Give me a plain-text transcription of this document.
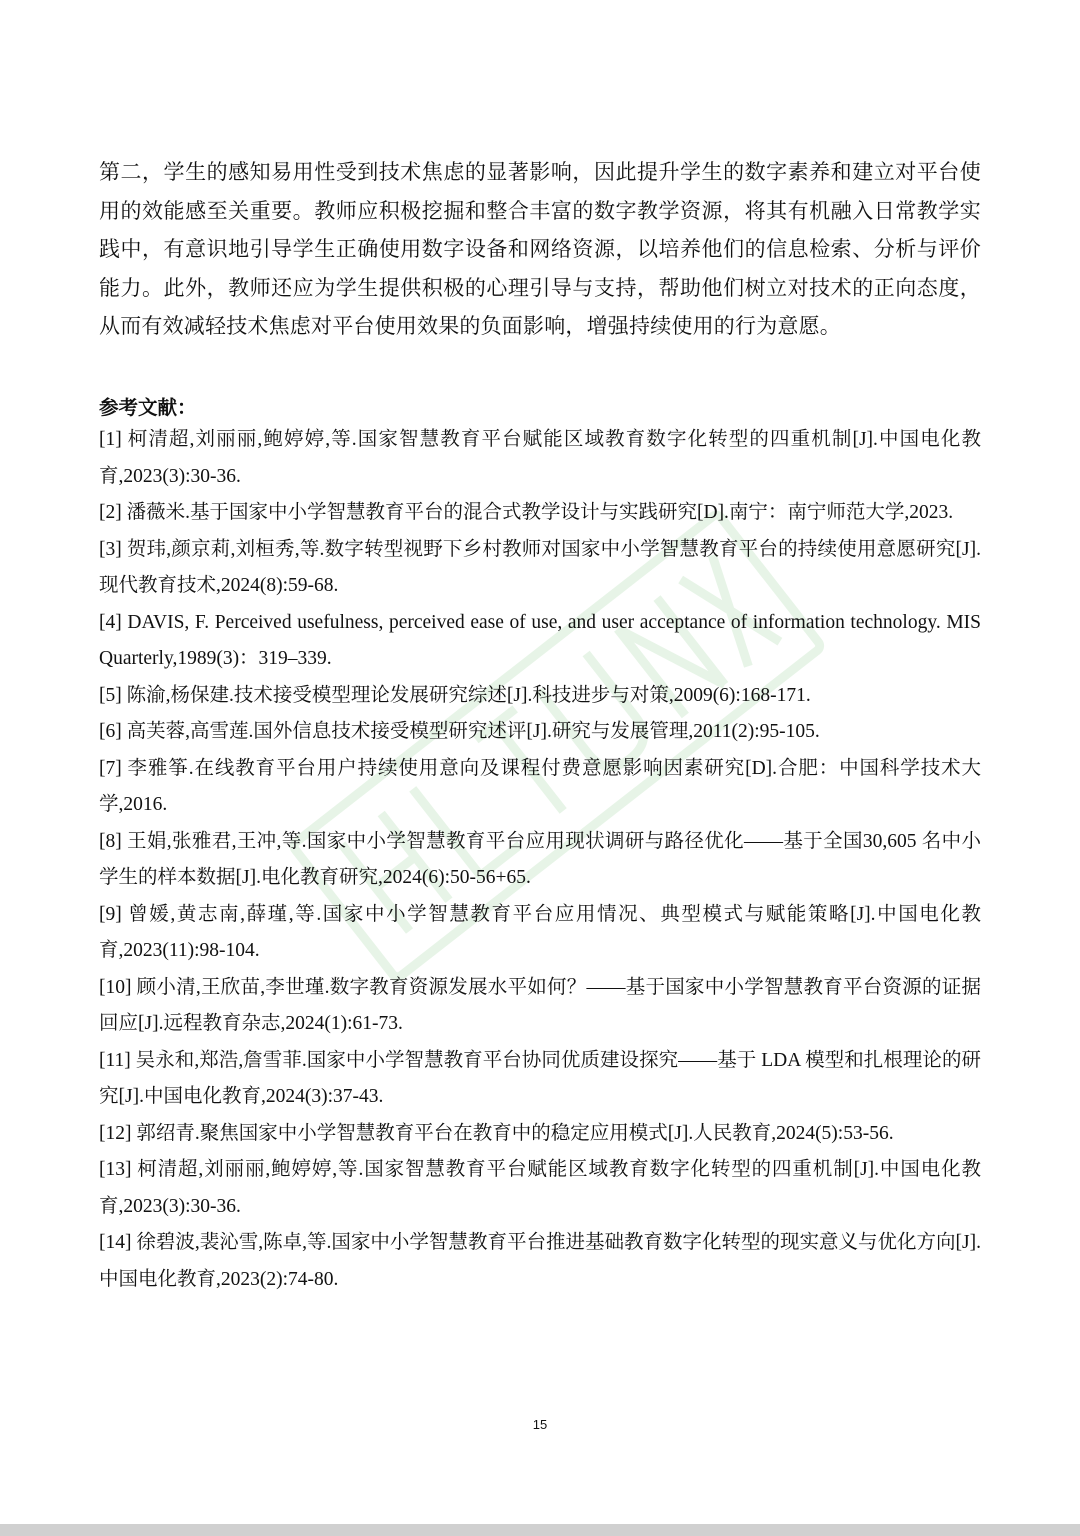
第二，学生的感知易用性受到技术焦虑的显著影响，因此提升学生的数字素养和建立对平台使用的效能感至关重要。教师应积极挖掘和整合丰富的数字教学资源，将其有机融入日常教学实践中，有意识地引导学生正确使用数字设备和网络资源，以培养他们的信息检索、分析与评价能力。此外，教师还应为学生提供积极的心理引导与支持，帮助他们树立对技术的正向态度，从而有效减轻技术焦虑对平台使用效果的负面影响，增强持续使用的行为意愿。

参考文献：
[1] 柯清超,刘丽丽,鲍婷婷,等.国家智慧教育平台赋能区域教育数字化转型的四重机制[J].中国电化教育,2023(3):30-36.
[2] 潘薇米.基于国家中小学智慧教育平台的混合式教学设计与实践研究[D].南宁：南宁师范大学,2023.
[3] 贺玮,颜京莉,刘桓秀,等.数字转型视野下乡村教师对国家中小学智慧教育平台的持续使用意愿研究[J].现代教育技术,2024(8):59-68.
[4] DAVIS, F. Perceived usefulness, perceived ease of use, and user acceptance of information technology. MIS Quarterly,1989(3)：319–339.
[5] 陈渝,杨保建.技术接受模型理论发展研究综述[J].科技进步与对策,2009(6):168-171.
[6] 高芙蓉,高雪莲.国外信息技术接受模型研究述评[J].研究与发展管理,2011(2):95-105.
[7] 李雅筝.在线教育平台用户持续使用意向及课程付费意愿影响因素研究[D].合肥：中国科学技术大学,2016.
[8] 王娟,张雅君,王冲,等.国家中小学智慧教育平台应用现状调研与路径优化——基于全国30,605 名中小学生的样本数据[J].电化教育研究,2024(6):50-56+65.
[9] 曾媛,黄志南,薛瑾,等.国家中小学智慧教育平台应用情况、典型模式与赋能策略[J].中国电化教育,2023(11):98-104.
[10] 顾小清,王欣苗,李世瑾.数字教育资源发展水平如何？——基于国家中小学智慧教育平台资源的证据回应[J].远程教育杂志,2024(1):61-73.
[11] 吴永和,郑浩,詹雪菲.国家中小学智慧教育平台协同优质建设探究——基于 LDA 模型和扎根理论的研究[J].中国电化教育,2024(3):37-43.
[12] 郭绍青.聚焦国家中小学智慧教育平台在教育中的稳定应用模式[J].人民教育,2024(5):53-56.
[13] 柯清超,刘丽丽,鲍婷婷,等.国家智慧教育平台赋能区域教育数字化转型的四重机制[J].中国电化教育,2023(3):30-36.
[14] 徐碧波,裴沁雪,陈卓,等.国家中小学智慧教育平台推进基础教育数字化转型的现实意义与优化方向[J].中国电化教育,2023(2):74-80.
15
